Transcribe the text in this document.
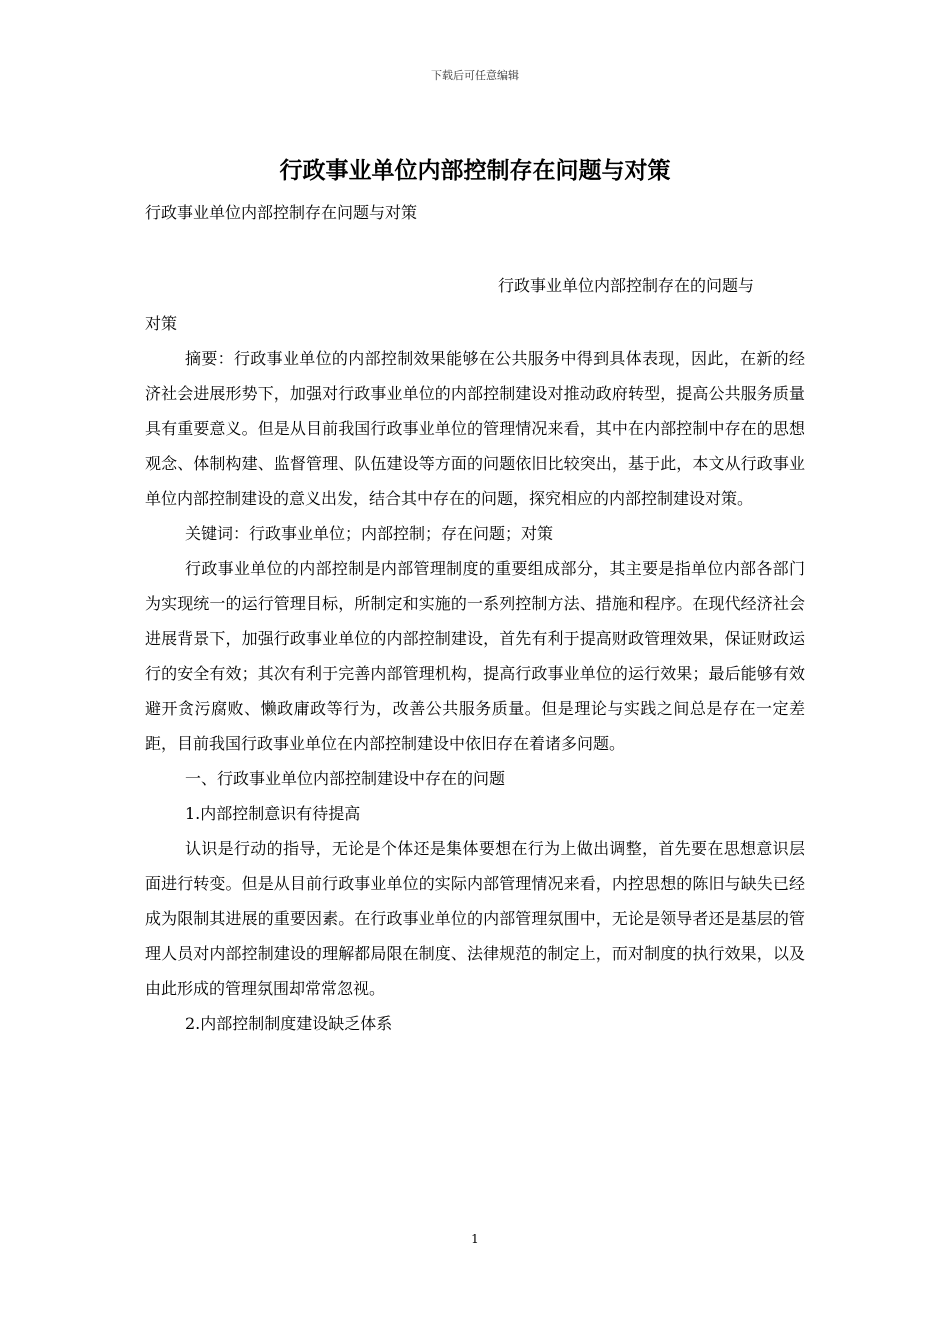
下载后可任意编辑
行政事业单位内部控制存在问题与对策
行政事业单位内部控制存在问题与对策
行政事业单位内部控制存在的问题与

对策

摘要：行政事业单位的内部控制效果能够在公共服务中得到具体表现，因此，在新的经济社会进展形势下，加强对行政事业单位的内部控制建设对推动政府转型，提高公共服务质量具有重要意义。但是从目前我国行政事业单位的管理情况来看，其中在内部控制中存在的思想观念、体制构建、监督管理、队伍建设等方面的问题依旧比较突出，基于此，本文从行政事业单位内部控制建设的意义出发，结合其中存在的问题，探究相应的内部控制建设对策。

关键词：行政事业单位；内部控制；存在问题；对策

行政事业单位的内部控制是内部管理制度的重要组成部分，其主要是指单位内部各部门为实现统一的运行管理目标，所制定和实施的一系列控制方法、措施和程序。在现代经济社会进展背景下，加强行政事业单位的内部控制建设，首先有利于提高财政管理效果，保证财政运行的安全有效；其次有利于完善内部管理机构，提高行政事业单位的运行效果；最后能够有效避开贪污腐败、懒政庸政等行为，改善公共服务质量。但是理论与实践之间总是存在一定差距，目前我国行政事业单位在内部控制建设中依旧存在着诸多问题。

一、行政事业单位内部控制建设中存在的问题

1.内部控制意识有待提高

认识是行动的指导，无论是个体还是集体要想在行为上做出调整，首先要在思想意识层面进行转变。但是从目前行政事业单位的实际内部管理情况来看，内控思想的陈旧与缺失已经成为限制其进展的重要因素。在行政事业单位的内部管理氛围中，无论是领导者还是基层的管理人员对内部控制建设的理解都局限在制度、法律规范的制定上，而对制度的执行效果，以及由此形成的管理氛围却常常忽视。

2.内部控制制度建设缺乏体系

1
